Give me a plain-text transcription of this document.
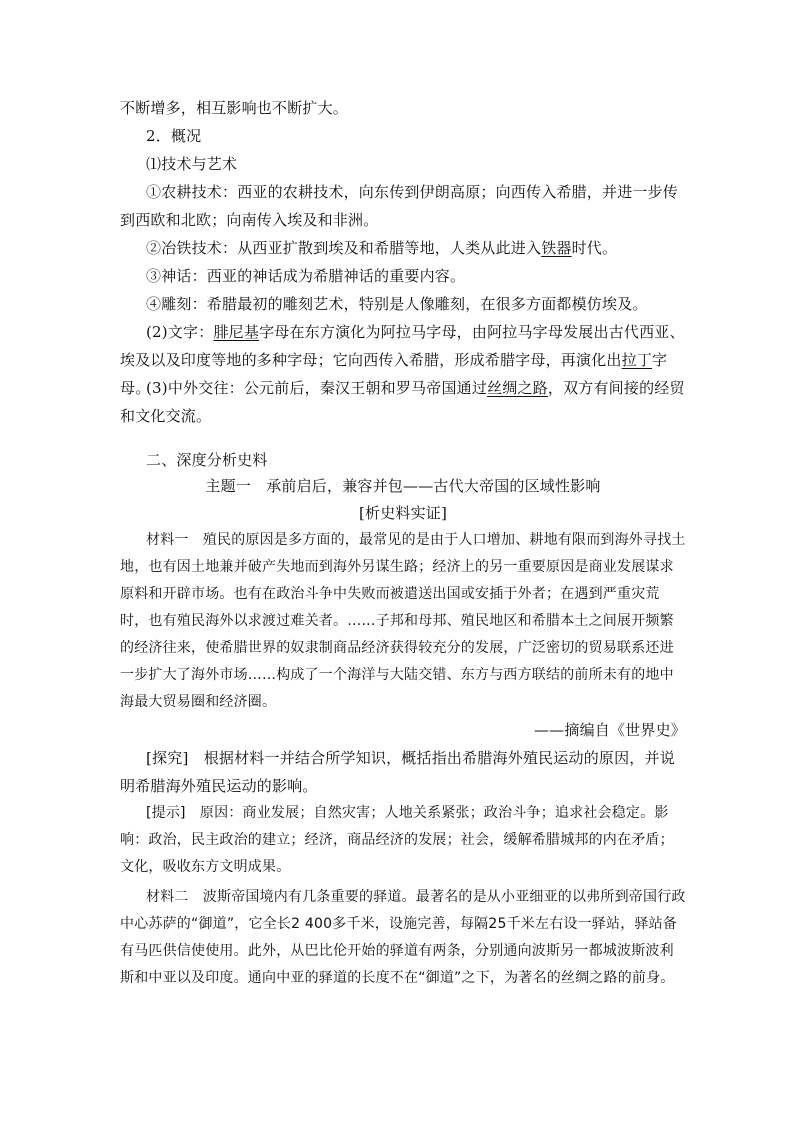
不断增多，相互影响也不断扩大。

2．概况

⑴技术与艺术

①农耕技术：西亚的农耕技术，向东传到伊朗高原；向西传入希腊，并进一步传到西欧和北欧；向南传入埃及和非洲。

②冶铁技术：从西亚扩散到埃及和希腊等地，人类从此进入铁器时代。

③神话：西亚的神话成为希腊神话的重要内容。

④雕刻：希腊最初的雕刻艺术，特别是人像雕刻，在很多方面都模仿埃及。

(2)文字：腓尼基字母在东方演化为阿拉马字母，由阿拉马字母发展出古代西亚、埃及以及印度等地的多种字母；它向西传入希腊，形成希腊字母，再演化出拉丁字母。

(3)中外交往：公元前后，秦汉王朝和罗马帝国通过丝绸之路，双方有间接的经贸和文化交流。

二、深度分析史料

主题一　承前启后，兼容并包——古代大帝国的区域性影响

[析史料实证]

材料一　殖民的原因是多方面的，最常见的是由于人口增加、耕地有限而到海外寻找土地，也有因土地兼并破产失地而到海外另谋生路；经济上的另一重要原因是商业发展谋求原料和开辟市场。也有在政治斗争中失败而被遣送出国或安插于外者；在遇到严重灾荒时，也有殖民海外以求渡过难关者。……子邦和母邦、殖民地区和希腊本土之间展开频繁的经济往来，使希腊世界的奴隶制商品经济获得较充分的发展，广泛密切的贸易联系还进一步扩大了海外市场……构成了一个海洋与大陆交错、东方与西方联结的前所未有的地中海最大贸易圈和经济圈。

——摘编自《世界史》

[探究]　根据材料一并结合所学知识，概括指出希腊海外殖民运动的原因，并说明希腊海外殖民运动的影响。

[提示]　原因：商业发展；自然灾害；人地关系紧张；政治斗争；追求社会稳定。影响：政治，民主政治的建立；经济，商品经济的发展；社会，缓解希腊城邦的内在矛盾；文化，吸收东方文明成果。

材料二　波斯帝国境内有几条重要的驿道。最著名的是从小亚细亚的以弗所到帝国行政中心苏萨的“御道”，它全长2 400多千米，设施完善，每隔25千米左右设一驿站，驿站备有马匹供信使使用。此外，从巴比伦开始的驿道有两条，分别通向波斯另一都城波斯波利斯和中亚以及印度。通向中亚的驿道的长度不在“御道”之下，为著名的丝绸之路的前身。
